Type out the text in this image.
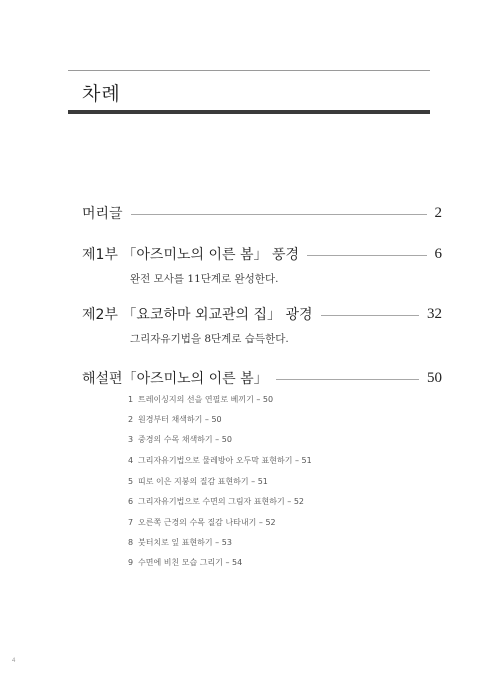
차례
머리글	2
제1부 「아즈미노의 이른 봄」 풍경	6
완전 모사를 11단계로 완성한다.
제2부 「요코하마 외교관의 집」 광경	32
그리자유기법을 8단계로 습득한다.
해설편「아즈미노의 이른 봄」	50
1 트레이싱지의 선을 연필로 베끼기 – 50
2 원경부터 채색하기 – 50
3 중경의 수목 채색하기 – 50
4 그리자유기법으로 물레방아 오두막 표현하기 – 51
5 띠로 이은 지붕의 질감 표현하기 – 51
6 그리자유기법으로 수면의 그림자 표현하기 – 52
7 오른쪽 근경의 수목 질감 나타내기 – 52
8 붓터치로 잎 표현하기 – 53
9 수면에 비친 모습 그리기 – 54
4
